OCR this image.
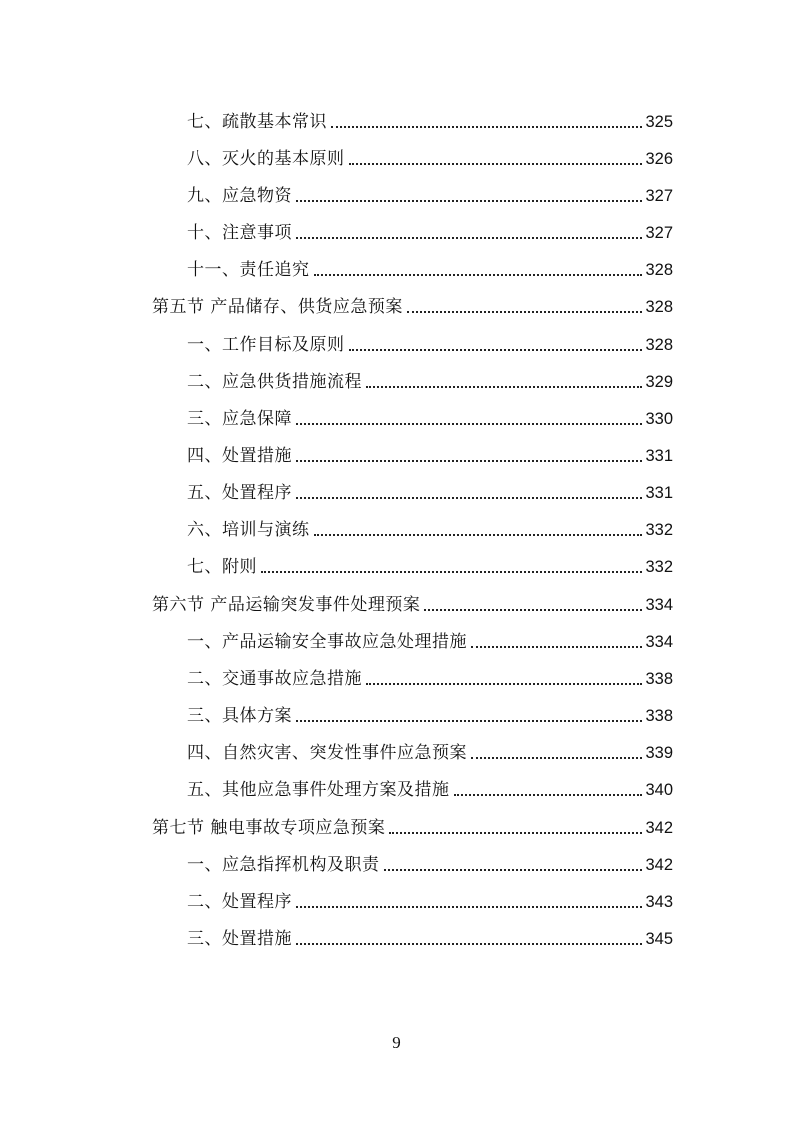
七、疏散基本常识	325
八、灭火的基本原则	326
九、应急物资	327
十、注意事项	327
十一、责任追究	328
第五节 产品储存、供货应急预案	328
一、工作目标及原则	328
二、应急供货措施流程	329
三、应急保障	330
四、处置措施	331
五、处置程序	331
六、培训与演练	332
七、附则	332
第六节 产品运输突发事件处理预案	334
一、产品运输安全事故应急处理措施	334
二、交通事故应急措施	338
三、具体方案	338
四、自然灾害、突发性事件应急预案	339
五、其他应急事件处理方案及措施	340
第七节 触电事故专项应急预案	342
一、应急指挥机构及职责	342
二、处置程序	343
三、处置措施	345
9
